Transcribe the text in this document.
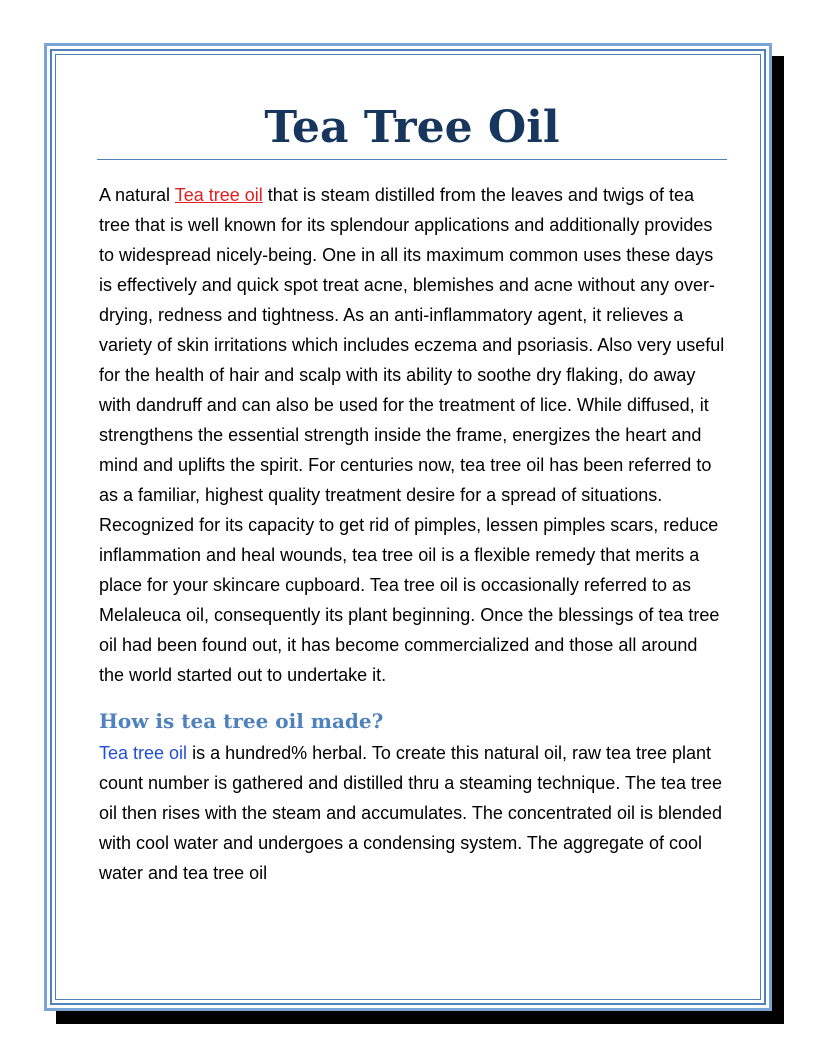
Tea Tree Oil

A natural Tea tree oil that is steam distilled from the leaves and twigs of tea tree that is well known for its splendour applications and additionally provides to widespread nicely-being. One in all its maximum common uses these days is effectively and quick spot treat acne, blemishes and acne without any over-drying, redness and tightness. As an anti-inflammatory agent, it relieves a variety of skin irritations which includes eczema and psoriasis. Also very useful for the health of hair and scalp with its ability to soothe dry flaking, do away with dandruff and can also be used for the treatment of lice. While diffused, it strengthens the essential strength inside the frame, energizes the heart and mind and uplifts the spirit. For centuries now, tea tree oil has been referred to as a familiar, highest quality treatment desire for a spread of situations. Recognized for its capacity to get rid of pimples, lessen pimples scars, reduce inflammation and heal wounds, tea tree oil is a flexible remedy that merits a place for your skincare cupboard. Tea tree oil is occasionally referred to as Melaleuca oil, consequently its plant beginning. Once the blessings of tea tree oil had been found out, it has become commercialized and those all around the world started out to undertake it.

How is tea tree oil made?

Tea tree oil is a hundred% herbal. To create this natural oil, raw tea tree plant count number is gathered and distilled thru a steaming technique. The tea tree oil then rises with the steam and accumulates. The concentrated oil is blended with cool water and undergoes a condensing system. The aggregate of cool water and tea tree oil
